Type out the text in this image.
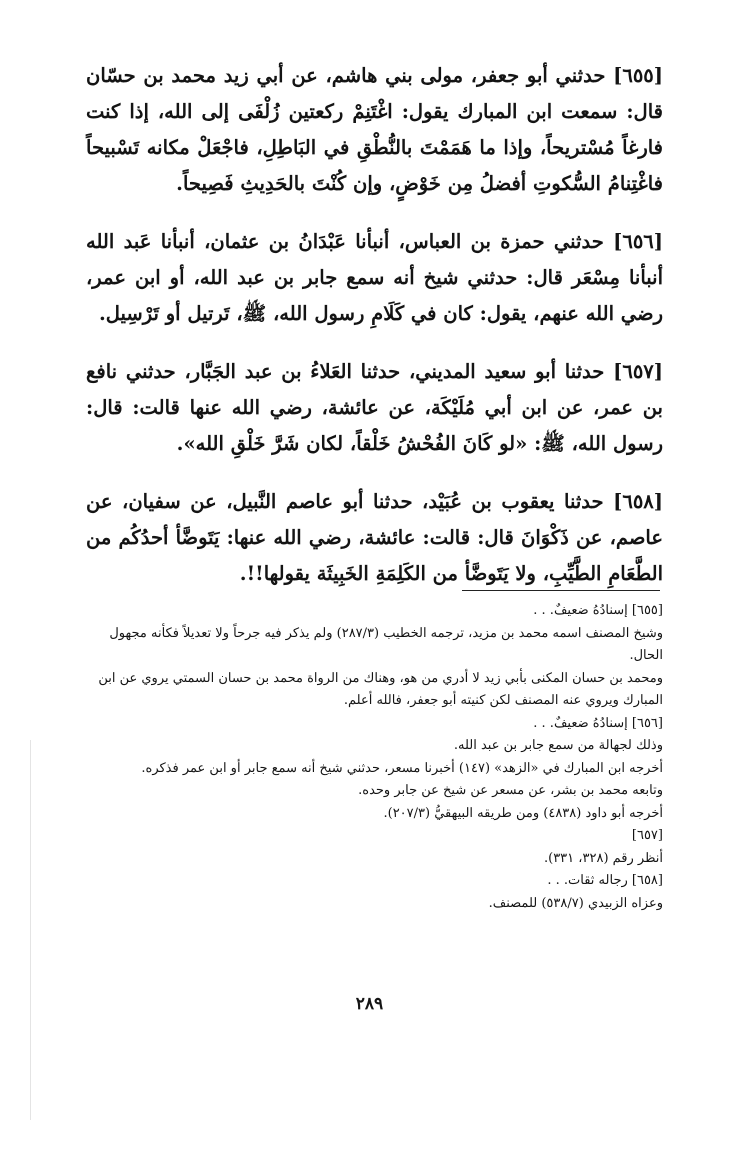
[٦٥٥] حدثني أبو جعفر، مولى بني هاشم، عن أبي زيد محمد بن حسّان قال: سمعت ابن المبارك يقول: اغْتَنِمْ ركعتين زُلْفَى إلى الله، إذا كنت فارغاً مُسْتريحاً، وإذا ما هَمَمْتَ بالنُّطْقِ في البَاطِلِ، فاجْعَلْ مكانه تَسْبيحاً فاغْتِنامُ السُّكوتِ أفضلُ مِن خَوْضٍ، وإن كُنْتَ بالحَدِيثِ فَصِيحاً.

[٦٥٦] حدثني حمزة بن العباس، أنبأنا عَبْدَانُ بن عثمان، أنبأنا عَبد الله أنبأنا مِسْعَر قال: حدثني شيخ أنه سمع جابر بن عبد الله، أو ابن عمر، رضي الله عنهم، يقول: كان في كَلَامِ رسول الله، ﷺ، تَرتيل أو تَرْسِيل.

[٦٥٧] حدثنا أبو سعيد المديني، حدثنا العَلاءُ بن عبد الجَبَّار، حدثني نافع بن عمر، عن ابن أبي مُلَيْكَة، عن عائشة، رضي الله عنها قالت: قال: رسول الله، ﷺ: «لو كَانَ الفُحْشُ خَلْقاً، لكان شَرَّ خَلْقِ الله».

[٦٥٨] حدثنا يعقوب بن عُبَيْد، حدثنا أبو عاصم النَّبيل، عن سفيان، عن عاصم، عن ذَكْوَانَ قال: قالت: عائشة، رضي الله عنها: يَتَوضَّأ أحدُكُم من الطَّعَامِ الطَّيِّبِ، ولا يَتَوضَّأ من الكَلِمَةِ الخَبِيثَة يقولها!!.

[٦٥٥] إسنادُهُ ضعيفٌ. . .

وشيخ المصنف اسمه محمد بن مزيد، ترجمه الخطيب (٢٨٧/٣) ولم يذكر فيه جرحاً ولا تعديلاً فكأنه مجهول الحال.

ومحمد بن حسان المكنى بأبي زيد لا أدري من هو، وهناك من الرواة محمد بن حسان السمتي يروي عن ابن المبارك ويروي عنه المصنف لكن كنيته أبو جعفر، فالله أعلم.

[٦٥٦] إسنادُهُ ضعيفٌ. . .

وذلك لجهالة من سمع جابر بن عبد الله.

أخرجه ابن المبارك في «الزهد» (١٤٧) أخبرنا مسعر، حدثني شيخ أنه سمع جابر أو ابن عمر فذكره.

وتابعه محمد بن بشر، عن مسعر عن شيخ عن جابر وحده.

أخرجه أبو داود (٤٨٣٨) ومن طريقه البيهقيُّ (٢٠٧/٣).

[٦٥٧]

أنظر رقم (٣٢٨، ٣٣١).

[٦٥٨] رجاله ثقات. . .

وعزاه الزبيدي (٥٣٨/٧) للمصنف.

٢٨٩
